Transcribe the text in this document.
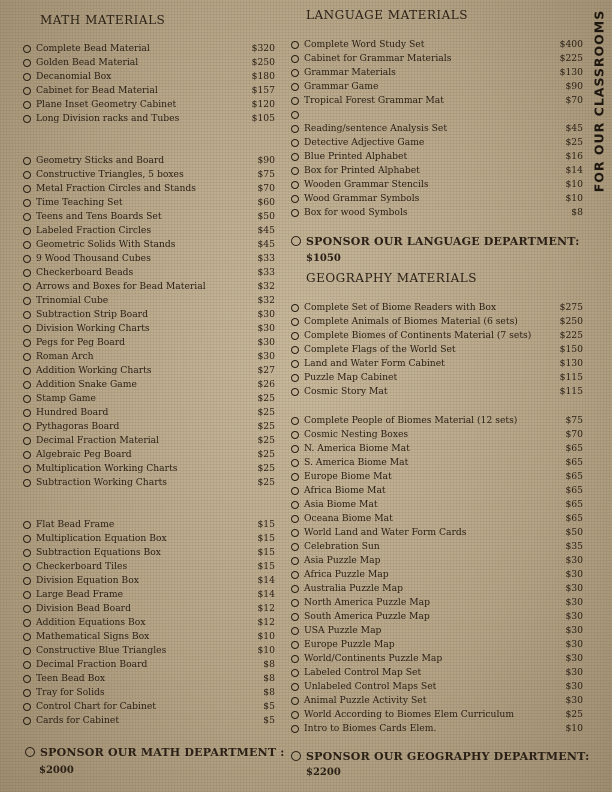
MATH MATERIALS
Complete Bead Material	$320
Golden Bead Material	$250
Decanomial Box	$180
Cabinet for Bead Material	$157
Plane Inset Geometry Cabinet	$120
Long Division racks and Tubes	$105
Geometry Sticks and Board	$90
Constructive Triangles, 5 boxes	$75
Metal Fraction Circles and Stands	$70
Time Teaching Set	$60
Teens and Tens Boards Set	$50
Labeled Fraction Circles	$45
Geometric Solids With Stands	$45
9 Wood Thousand Cubes	$33
Checkerboard Beads	$33
Arrows and Boxes for Bead Material	$32
Trinomial Cube	$32
Subtraction Strip Board	$30
Division Working Charts	$30
Pegs for Peg Board	$30
Roman Arch	$30
Addition Working Charts	$27
Addition Snake Game	$26
Stamp Game	$25
Hundred Board	$25
Pythagoras Board	$25
Decimal Fraction Material	$25
Algebraic Peg Board	$25
Multiplication Working Charts	$25
Subtraction Working Charts	$25
Flat Bead Frame	$15
Multiplication Equation Box	$15
Subtraction Equations Box	$15
Checkerboard Tiles	$15
Division Equation Box	$14
Large Bead Frame	$14
Division Bead Board	$12
Addition Equations Box	$12
Mathematical Signs Box	$10
Constructive Blue Triangles	$10
Decimal Fraction Board	$8
Teen Bead Box	$8
Tray for Solids	$8
Control Chart for Cabinet	$5
Cards for Cabinet	$5
SPONSOR OUR MATH DEPARTMENT :
$2000
LANGUAGE MATERIALS
Complete Word Study Set	$400
Cabinet for Grammar Materials	$225
Grammar Materials	$130
Grammar Game	$90
Tropical Forest Grammar Mat	$70
Reading/sentence Analysis Set	$45
Detective Adjective Game	$25
Blue Printed Alphabet	$16
Box for Printed Alphabet	$14
Wooden Grammar Stencils	$10
Wood Grammar Symbols	$10
Box for wood Symbols	$8
SPONSOR OUR LANGUAGE DEPARTMENT:
$1050
GEOGRAPHY MATERIALS
Complete Set of Biome Readers with Box	$275
Complete Animals of Biomes Material (6 sets)	$250
Complete Biomes of Continents Material (7 sets)	$225
Complete Flags of the World Set	$150
Land and Water Form Cabinet	$130
Puzzle Map Cabinet	$115
Cosmic Story Mat	$115
Complete People of Biomes Material (12 sets)	$75
Cosmic Nesting Boxes	$70
N. America Biome Mat	$65
S. America Biome Mat	$65
Europe Biome Mat	$65
Africa Biome Mat	$65
Asia Biome Mat	$65
Oceana Biome Mat	$65
World Land and Water Form Cards	$50
Celebration Sun	$35
Asia Puzzle Map	$30
Africa Puzzle Map	$30
Australia Puzzle Map	$30
North America Puzzle Map	$30
South America Puzzle Map	$30
USA Puzzle Map	$30
Europe Puzzle Map	$30
World/Continents Puzzle Map	$30
Labeled Control Map Set	$30
Unlabeled Control Maps Set	$30
Animal Puzzle Activity Set	$30
World According to Biomes Elem Curriculum	$25
Intro to Biomes Cards Elem.	$10
SPONSOR OUR GEOGRAPHY DEPARTMENT:
$2200
FOR OUR CLASSROOMS
